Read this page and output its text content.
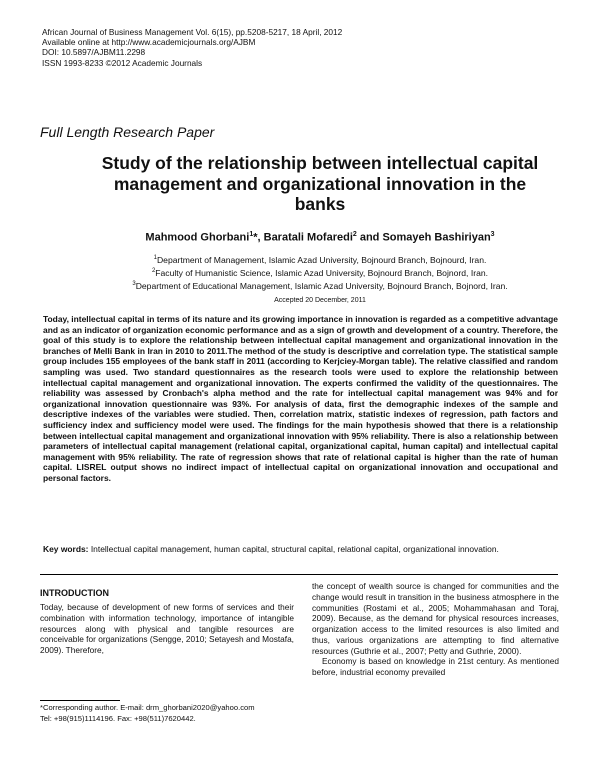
African Journal of Business Management Vol. 6(15), pp.5208-5217, 18 April, 2012
Available online at http://www.academicjournals.org/AJBM
DOI: 10.5897/AJBM11.2298
ISSN 1993-8233 ©2012 Academic Journals
Full Length Research Paper
Study of the relationship between intellectual capital
management and organizational innovation in the
banks
Mahmood Ghorbani$^1$*, Baratali Mofaredi$^2$ and Somayeh Bashiriyan$^3$
$^1$Department of Management, Islamic Azad University, Bojnourd Branch, Bojnourd, Iran.
$^2$Faculty of Humanistic Science, Islamic Azad University, Bojnourd Branch, Bojnord, Iran.
$^3$Department of Educational Management, Islamic Azad University, Bojnourd Branch, Bojnord, Iran.
Accepted 20 December, 2011

Today, intellectual capital in terms of its nature and its growing importance in innovation is regarded as a competitive advantage and as an indicator of organization economic performance and as a sign of growth and development of a country. Therefore, the goal of this study is to explore the relationship between intellectual capital management and organizational innovation in the branches of Melli Bank in Iran in 2010 to 2011.The method of the study is descriptive and correlation type. The statistical sample group includes 155 employees of the bank staff in 2011 (according to Kerjciey-Morgan table). The relative classified and random sampling was used. Two standard questionnaires as the research tools were used to explore the relationship between intellectual capital management and organizational innovation. The experts confirmed the validity of the questionnaires. The reliability was assessed by Cronbach's alpha method and the rate for intellectual capital management was 94% and for organizational innovation questionnaire was 93%. For analysis of data, first the demographic indexes of the sample and descriptive indexes of the variables were studied. Then, correlation matrix, statistic indexes of regression, path factors and sufficiency index and sufficiency model were used. The findings for the main hypothesis showed that there is a relationship between intellectual capital management and organizational innovation with 95% reliability. There is also a relationship between parameters of intellectual capital management (relational capital, organizational capital, human capital) and intellectual capital management with 95% reliability. The rate of regression shows that rate of relational capital is higher than the rate of human capital. LISREL output shows no indirect impact of intellectual capital on organizational innovation and occupational and personal factors.

Key words: Intellectual capital management, human capital, structural capital, relational capital, organizational innovation.

INTRODUCTION

Today, because of development of new forms of services and their combination with information technology, importance of intangible resources along with physical and tangible resources are conceivable for organizations (Sengge, 2010; Setayesh and Mostafa, 2009). Therefore,

the concept of wealth source is changed for communities and the change would result in transition in the business atmosphere in the communities (Rostami et al., 2005; Mohammahasan and Toraj, 2009). Because, as the demand for physical resources increases, organization access to the limited resources is also limited and thus, various organizations are attempting to find alternative resources (Guthrie et al., 2007; Petty and Guthrie, 2000).

Economy is based on knowledge in 21st century. As mentioned before, industrial economy prevailed

*Corresponding author. E-mail: drm_ghorbani2020@yahoo.com
Tel: +98(915)1114196. Fax: +98(511)7620442.
